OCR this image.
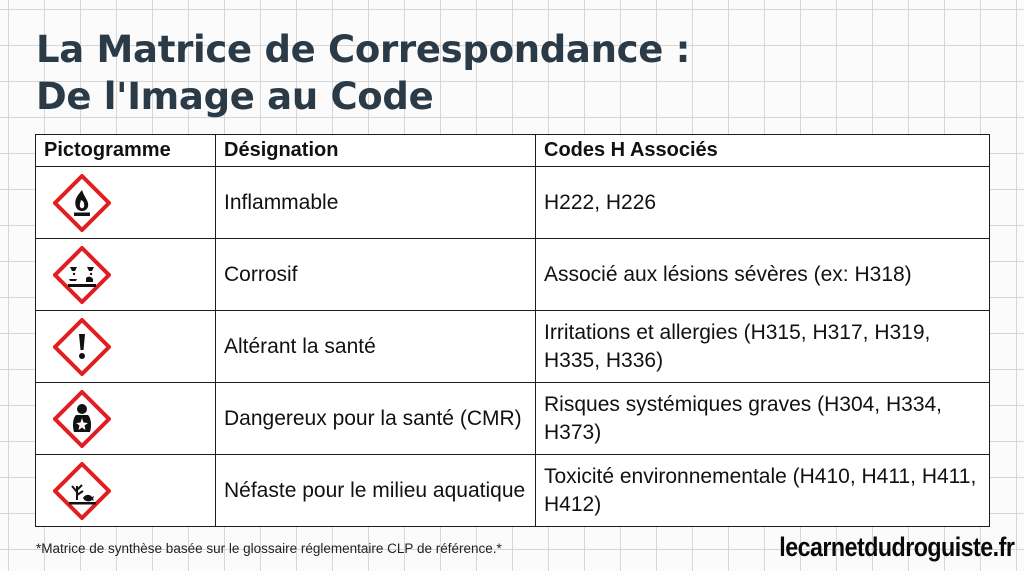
La Matrice de Correspondance :
De l'Image au Code
Pictogramme	Désignation	Codes H Associés

	Inflammable	H222, H226

	Corrosif	Associé aux lésions sévères (ex: H318)

	Altérant la santé	Irritations et allergies (H315, H317, H319, H335, H336)

	Dangereux pour la santé (CMR)	Risques systémiques graves (H304, H334, H373)

	Néfaste pour le milieu aquatique	Toxicité environnementale (H410, H411, H411, H412)
*Matrice de synthèse basée sur le glossaire réglementaire CLP de référence.*	lecarnetdudroguiste.fr
